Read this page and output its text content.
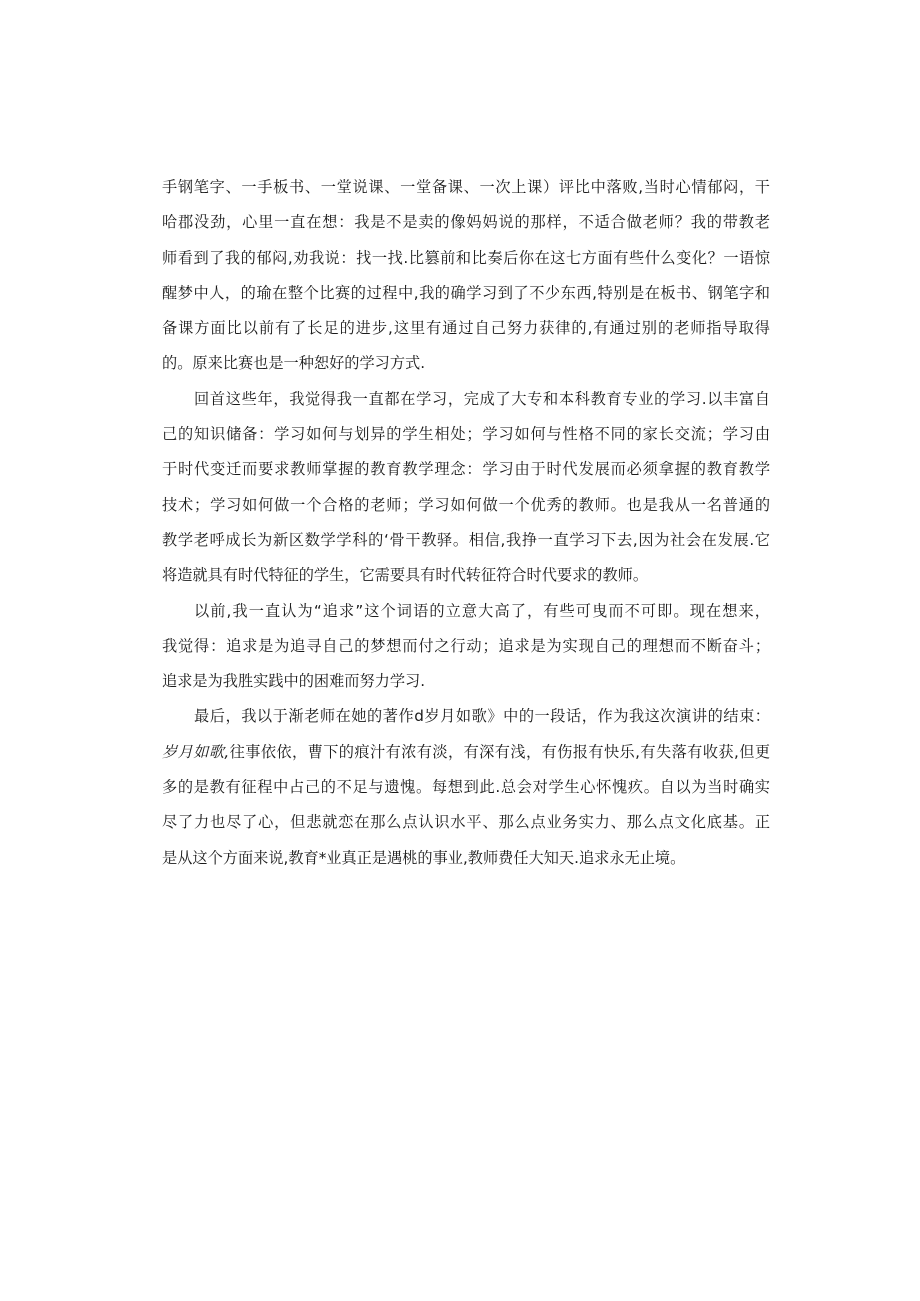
手钢笔字、一手板书、一堂说课、一堂备课、一次上课）评比中落败,当时心情郁闷，干
哈郡没劲，心里一直在想：我是不是卖的像妈妈说的那样，不适合做老师？我的带教老
师看到了我的郁闷,劝我说：找一找.比篡前和比奏后你在这七方面有些什么变化？一语惊
醒梦中人，的瑜在整个比赛的过程中,我的确学习到了不少东西,特别是在板书、钢笔字和
备课方面比以前有了长足的进步,这里有通过自己努力获律的,有通过别的老师指导取得
的。原来比赛也是一种恕好的学习方式.
回首这些年，我觉得我一直都在学习，完成了大专和本科教育专业的学习.以丰富自
己的知识储备：学习如何与划异的学生相处；学习如何与性格不同的家长交流；学习由
于时代变迁而要求教师掌握的教育教学理念：学习由于时代发展而必须拿握的教育教学
技术；学习如何做一个合格的老师；学习如何做一个优秀的教师。也是我从一名普通的
教学老呼成长为新区数学学科的‘骨干教驿。相信,我挣一直学习下去,因为社会在发展.它
将造就具有时代特征的学生，它需要具有时代转征符合时代要求的教师。
以前,我一直认为“追求”这个词语的立意大高了，有些可曳而不可即。现在想来，
我觉得：追求是为追寻自己的梦想而付之行动；追求是为实现自己的理想而不断奋斗；
追求是为我胜实践中的困难而努力学习.
最后，我以于渐老师在她的著作d岁月如歌》中的一段话，作为我这次演讲的结束：
岁月如歌,往事依依，曹下的痕汁有浓有淡，有深有浅，有伤报有快乐,有失落有收获,但更
多的是教有征程中占己的不足与遗愧。每想到此.总会对学生心怀愧疚。自以为当时确实
尽了力也尽了心，但悲就恋在那么点认识水平、那么点业务实力、那么点文化底基。正
是从这个方面来说,教育*业真正是遇桃的事业,教师费任大知天.追求永无止境。
